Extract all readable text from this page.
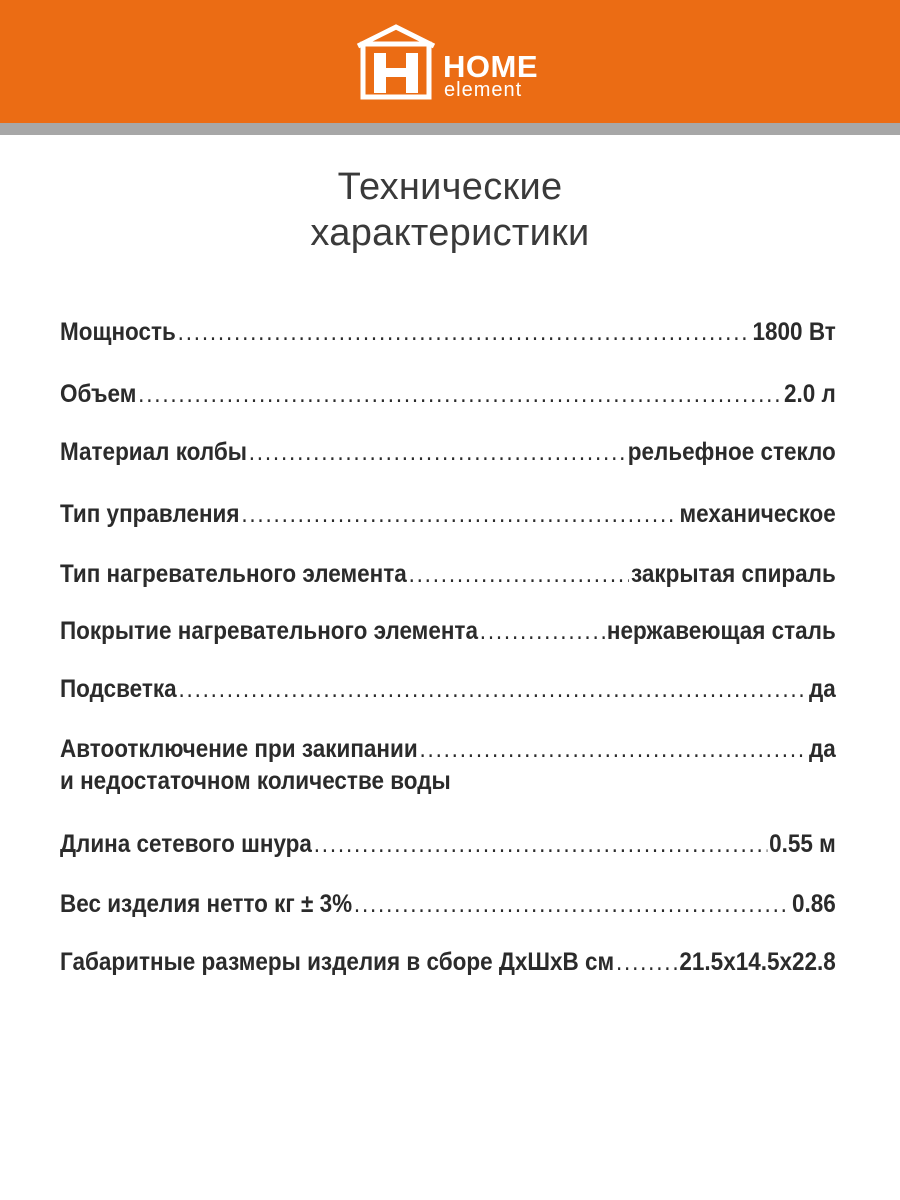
HOME
element
Технические
характеристики
Мощность .....	1800 Вт
Объем .....	2.0 л
Материал колбы .....	рельефное стекло
Тип управления .....	механическое
Тип нагревательного элемента .....	закрытая спираль
Покрытие нагревательного элемента .....	нержавеющая сталь
Подсветка .....	да
Автоотключение при закипании .....	да
и недостаточном количестве воды
Длина сетевого шнура .....	0.55 м
Вес изделия нетто кг ± 3% .....	0.86
Габаритные размеры изделия в сборе ДхШхВ см .....	21.5x14.5x22.8
